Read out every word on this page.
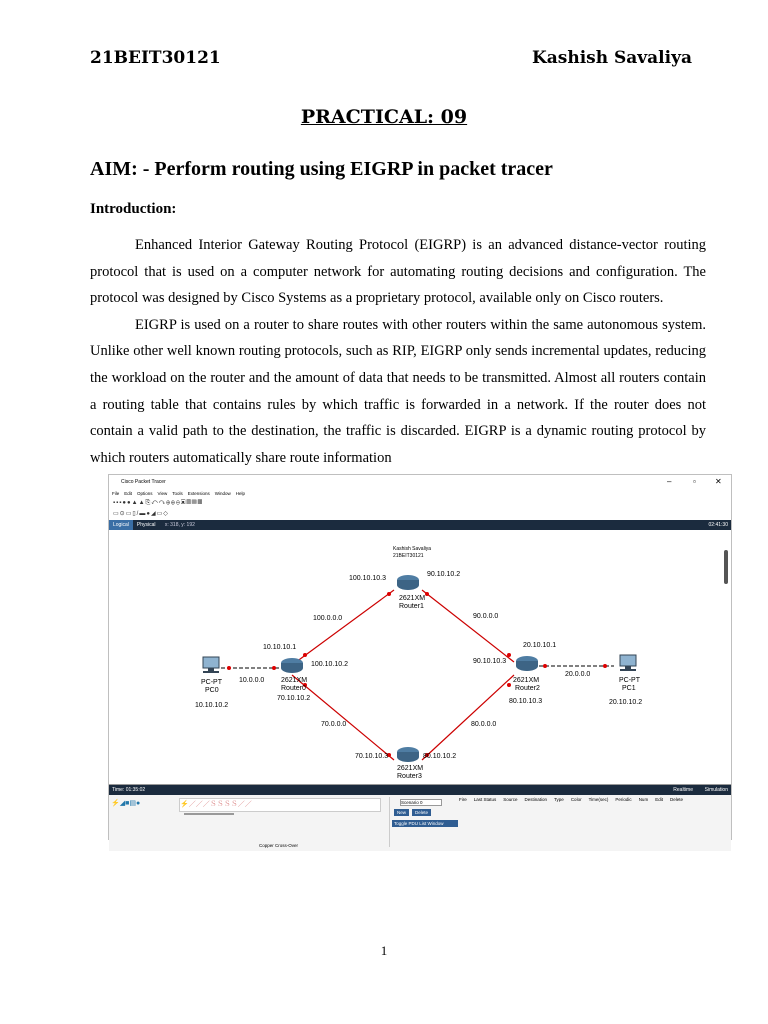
21BEIT30121	Kashish Savaliya
PRACTICAL: 09
AIM: - Perform routing using EIGRP in packet tracer
Introduction:

Enhanced Interior Gateway Routing Protocol (EIGRP) is an advanced distance-vector routing protocol that is used on a computer network for automating routing decisions and configuration. The protocol was designed by Cisco Systems as a proprietary protocol, available only on Cisco routers.

EIGRP is used on a router to share routes with other routers within the same autonomous system. Unlike other well known routing protocols, such as RIP, EIGRP only sends incremental updates, reducing the workload on the router and the amount of data that needs to be transmitted. Almost all routers contain a routing table that contains rules by which traffic is forwarded in a network. If the router does not contain a valid path to the destination, the traffic is discarded. EIGRP is a dynamic routing protocol by which routers automatically share route information

Cisco Packet Tracer	–	▫ ✕
File Edit Options View Tools Extensions Window Help
▪▪▪●●▲▲⎘↶↷⊕⊕⊖▣▤▥▦
▭⊙▭▯/▬●◢▭◇
Logical Physical x: 318, y: 192	02:41:30
Kashish Savaliya
21BEIT30121
2621XM
Router1
100.10.10.3
90.10.10.2
100.0.0.0	90.0.0.0
10.10.10.1
100.10.10.2
10.0.0.0 2621XM
Router0
70.10.10.2
PC-PT
PC0
10.10.10.2
20.10.10.1
90.10.10.3
20.0.0.0
2621XM
Router2
80.10.10.3
PC-PT
PC1
20.10.10.2
70.0.0.0	80.0.0.0
70.10.10.3	80.10.10.2
2621XM
Router3
Time: 01:35:02	Realtime Simulation
⚡◢■▤●	⚡／／／ＳＳＳＳ／／
Copper Cross-Over
Scenario 0
New Delete
Toggle PDU List Window
Fire Last Status Source Destination Type Color Time(sec) Periodic Num Edit Delete
1
